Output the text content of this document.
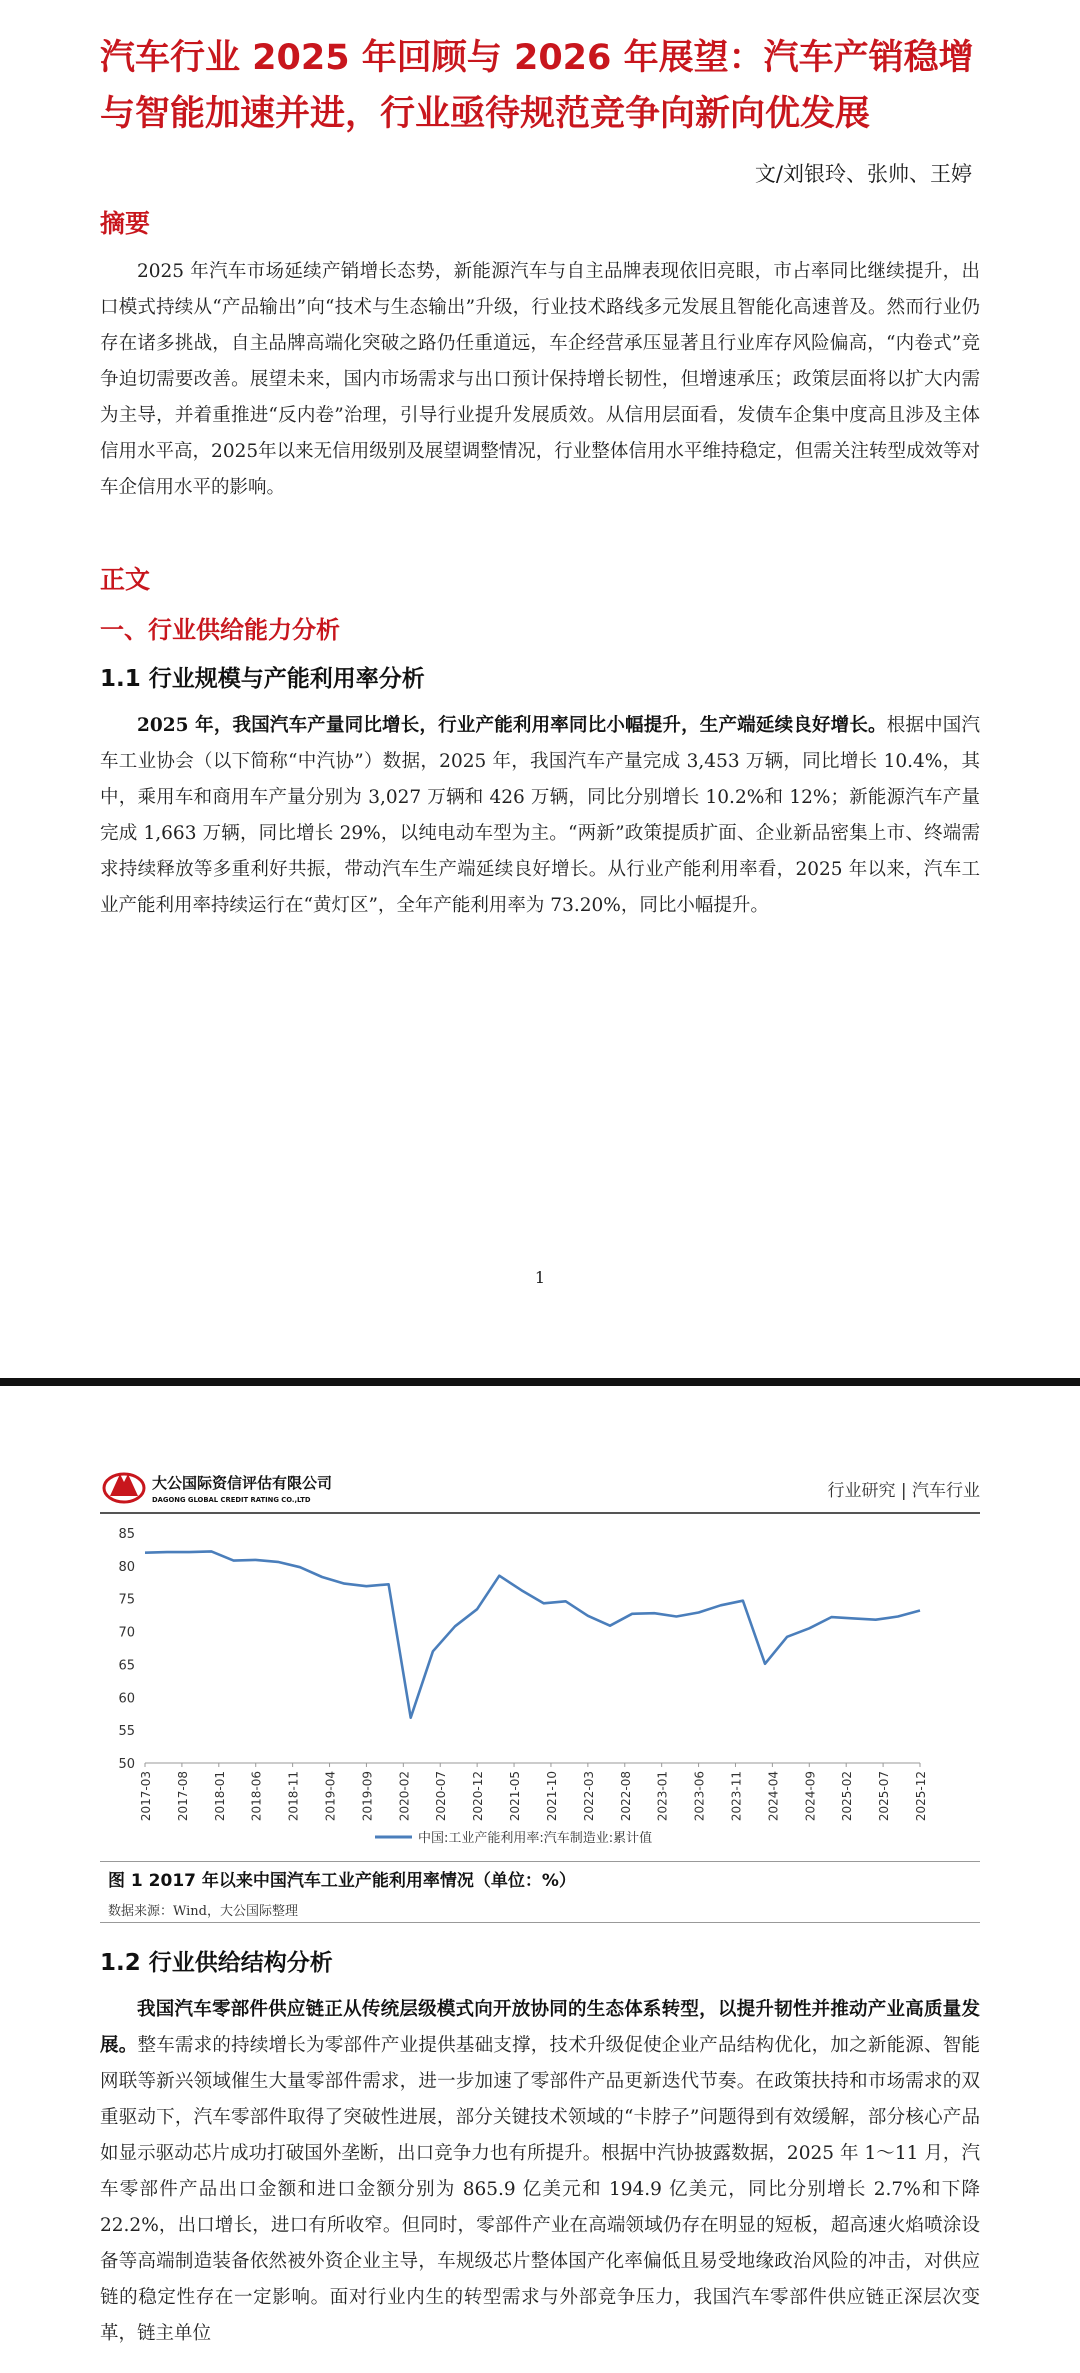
汽车行业 2025 年回顾与 2026 年展望：汽车产销稳增与智能加速并进，行业亟待规范竞争向新向优发展
文/刘银玲、张帅、王婷
摘要

2025 年汽车市场延续产销增长态势，新能源汽车与自主品牌表现依旧亮眼，市占率同比继续提升，出口模式持续从“产品输出”向“技术与生态输出”升级，行业技术路线多元发展且智能化高速普及。然而行业仍存在诸多挑战，自主品牌高端化突破之路仍任重道远，车企经营承压显著且行业库存风险偏高，“内卷式”竞争迫切需要改善。展望未来，国内市场需求与出口预计保持增长韧性，但增速承压；政策层面将以扩大内需为主导，并着重推进“反内卷”治理，引导行业提升发展质效。从信用层面看，发债车企集中度高且涉及主体信用水平高，2025年以来无信用级别及展望调整情况，行业整体信用水平维持稳定，但需关注转型成效等对车企信用水平的影响。

正文
一、行业供给能力分析
1.1 行业规模与产能利用率分析

2025 年，我国汽车产量同比增长，行业产能利用率同比小幅提升，生产端延续良好增长。根据中国汽车工业协会（以下简称“中汽协”）数据，2025 年，我国汽车产量完成 3,453 万辆，同比增长 10.4%，其中，乘用车和商用车产量分别为 3,027 万辆和 426 万辆，同比分别增长 10.2%和 12%；新能源汽车产量完成 1,663 万辆，同比增长 29%，以纯电动车型为主。“两新”政策提质扩面、企业新品密集上市、终端需求持续释放等多重利好共振，带动汽车生产端延续良好增长。从行业产能利用率看，2025 年以来，汽车工业产能利用率持续运行在“黄灯区”，全年产能利用率为 73.20%，同比小幅提升。

1
大公国际资信评估有限公司
DAGONG GLOBAL CREDIT RATING CO.,LTD	行业研究 | 汽车行业
50
55
60
65
70
75
80
85
2017-03 2017-08 2018-01 2018-06 2018-11 2019-04 2019-09 2020-02 2020-07 2020-12 2021-05 2021-10 2022-03 2022-08 2023-01 2023-06 2023-11 2024-04 2024-09 2025-02 2025-07 2025-12
中国:工业产能利用率:汽车制造业:累计值
图 1 2017 年以来中国汽车工业产能利用率情况（单位：%）
数据来源：Wind，大公国际整理
1.2 行业供给结构分析

我国汽车零部件供应链正从传统层级模式向开放协同的生态体系转型，以提升韧性并推动产业高质量发展。整车需求的持续增长为零部件产业提供基础支撑，技术升级促使企业产品结构优化，加之新能源、智能网联等新兴领域催生大量零部件需求，进一步加速了零部件产品更新迭代节奏。在政策扶持和市场需求的双重驱动下，汽车零部件取得了突破性进展，部分关键技术领域的“卡脖子”问题得到有效缓解，部分核心产品如显示驱动芯片成功打破国外垄断，出口竞争力也有所提升。根据中汽协披露数据，2025 年 1～11 月，汽车零部件产品出口金额和进口金额分别为 865.9 亿美元和 194.9 亿美元，同比分别增长 2.7%和下降 22.2%，出口增长，进口有所收窄。但同时，零部件产业在高端领域仍存在明显的短板，超高速火焰喷涂设备等高端制造装备依然被外资企业主导，车规级芯片整体国产化率偏低且易受地缘政治风险的冲击，对供应链的稳定性存在一定影响。面对行业内生的转型需求与外部竞争压力，我国汽车零部件供应链正深层次变革，链主单位
